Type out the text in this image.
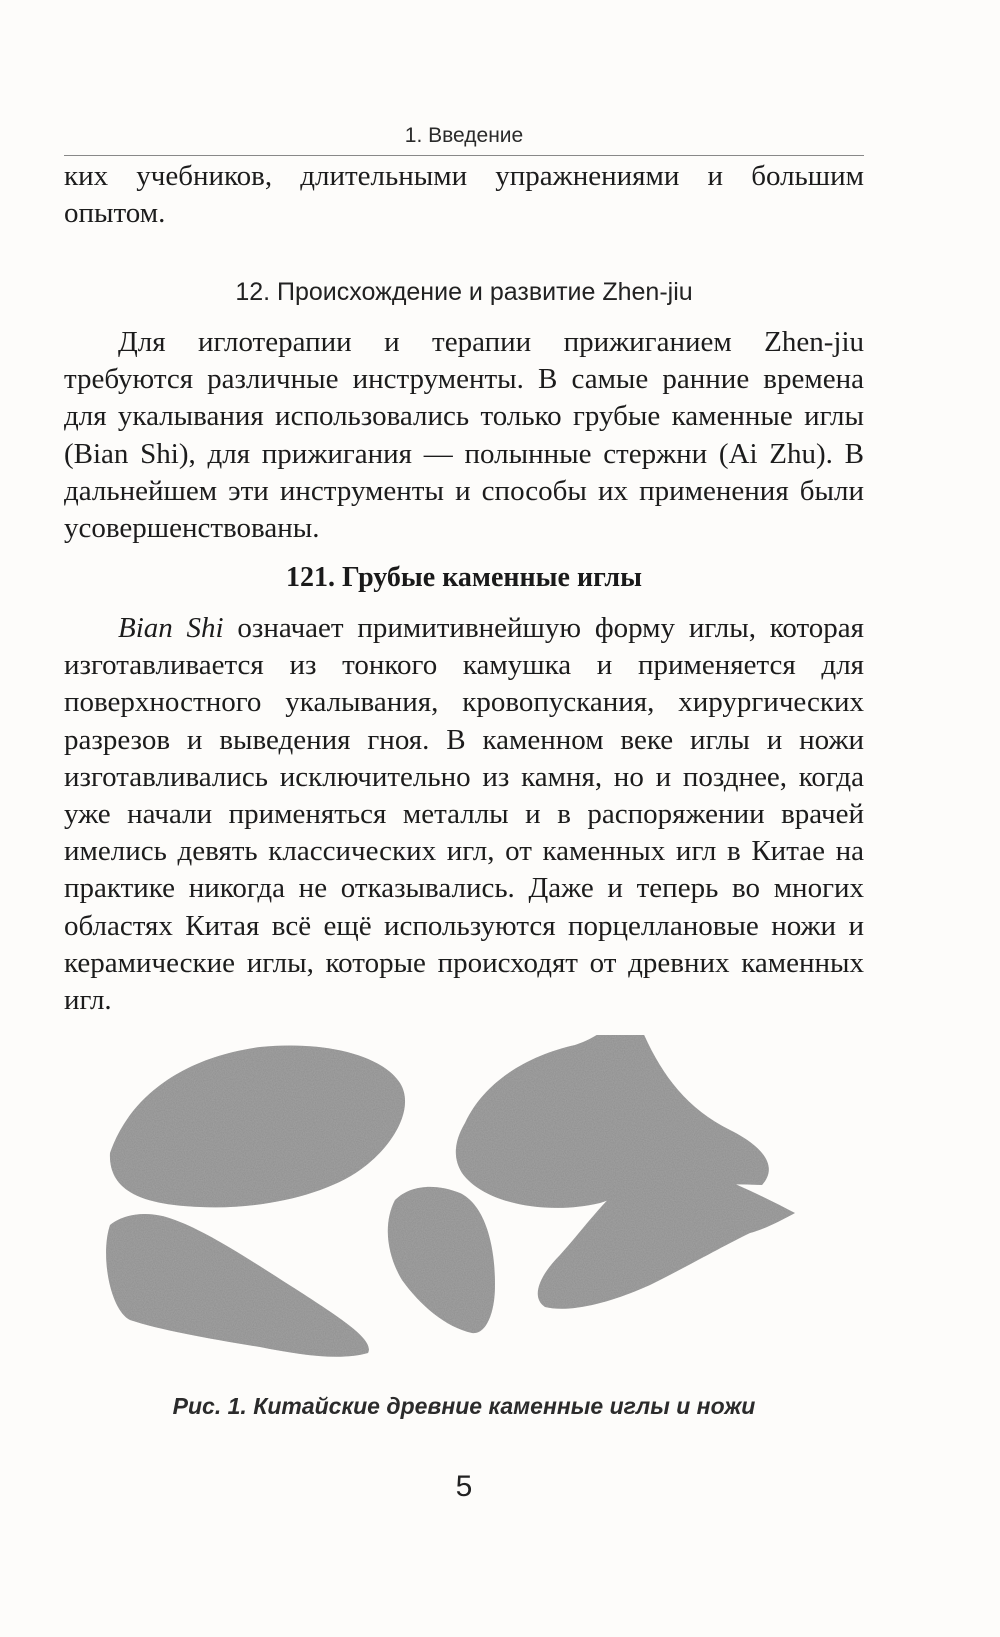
1. Введение

ких учебников, длительными упражнениями и большим опытом.

12. Происхождение и развитие Zhen-jiu

Для иглотерапии и терапии прижиганием Zhen-jiu требуются различные инструменты. В самые ранние времена для укалывания использовались только грубые каменные иглы (Bian Shi), для прижигания — полынные стержни (Ai Zhu). В дальнейшем эти инструменты и способы их применения были усовершенствованы.

121. Грубые каменные иглы

Bian Shi означает примитивнейшую форму иглы, которая изготавливается из тонкого камушка и применяется для поверхностного укалывания, кровопускания, хирургических разрезов и выведения гноя. В каменном веке иглы и ножи изготавливались исключительно из камня, но и позднее, когда уже начали применяться металлы и в распоряжении врачей имелись девять классических игл, от каменных игл в Китае на практике никогда не отказывались. Даже и теперь во многих областях Китая всё ещё используются порцеллановые ножи и керамические иглы, которые происходят от древних каменных игл.

Рис. 1. Китайские древние каменные иглы и ножи
5
